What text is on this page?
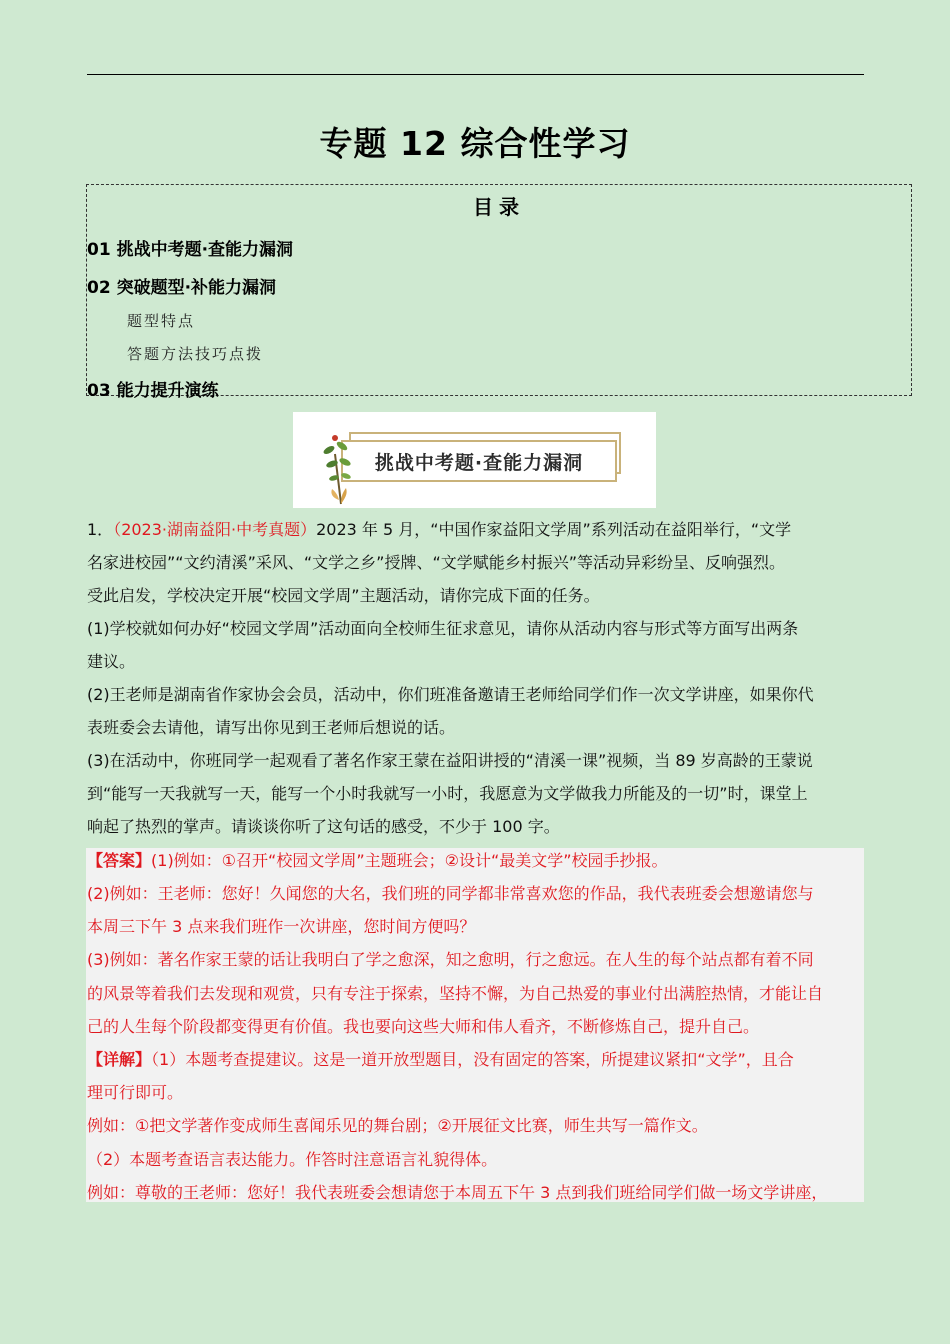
专题 12 综合性学习
目录
01 挑战中考题·查能力漏洞
02 突破题型·补能力漏洞
题型特点
答题方法技巧点拨
03 能力提升演练
挑战中考题·查能力漏洞
1．（2023·湖南益阳·中考真题）2023 年 5 月，“中国作家益阳文学周”系列活动在益阳举行，“文学
名家进校园”“文约清溪”采风、“文学之乡”授牌、“文学赋能乡村振兴”等活动异彩纷呈、反响强烈。
受此启发，学校决定开展“校园文学周”主题活动，请你完成下面的任务。
(1)学校就如何办好“校园文学周”活动面向全校师生征求意见，请你从活动内容与形式等方面写出两条
建议。
(2)王老师是湖南省作家协会会员，活动中，你们班准备邀请王老师给同学们作一次文学讲座，如果你代
表班委会去请他，请写出你见到王老师后想说的话。
(3)在活动中，你班同学一起观看了著名作家王蒙在益阳讲授的“清溪一课”视频，当 89 岁高龄的王蒙说
到“能写一天我就写一天，能写一个小时我就写一小时，我愿意为文学做我力所能及的一切”时，课堂上
响起了热烈的掌声。请谈谈你听了这句话的感受，不少于 100 字。
【答案】(1)例如：①召开“校园文学周”主题班会；②设计“最美文学”校园手抄报。
(2)例如：王老师：您好！久闻您的大名，我们班的同学都非常喜欢您的作品，我代表班委会想邀请您与
本周三下午 3 点来我们班作一次讲座，您时间方便吗？
(3)例如：著名作家王蒙的话让我明白了学之愈深，知之愈明，行之愈远。在人生的每个站点都有着不同
的风景等着我们去发现和观赏，只有专注于探索，坚持不懈，为自己热爱的事业付出满腔热情，才能让自
己的人生每个阶段都变得更有价值。我也要向这些大师和伟人看齐，不断修炼自己，提升自己。
【详解】（1）本题考查提建议。这是一道开放型题目，没有固定的答案，所提建议紧扣“文学”，且合
理可行即可。
例如：①把文学著作变成师生喜闻乐见的舞台剧；②开展征文比赛，师生共写一篇作文。
（2）本题考查语言表达能力。作答时注意语言礼貌得体。
例如：尊敬的王老师：您好！我代表班委会想请您于本周五下午 3 点到我们班给同学们做一场文学讲座，
